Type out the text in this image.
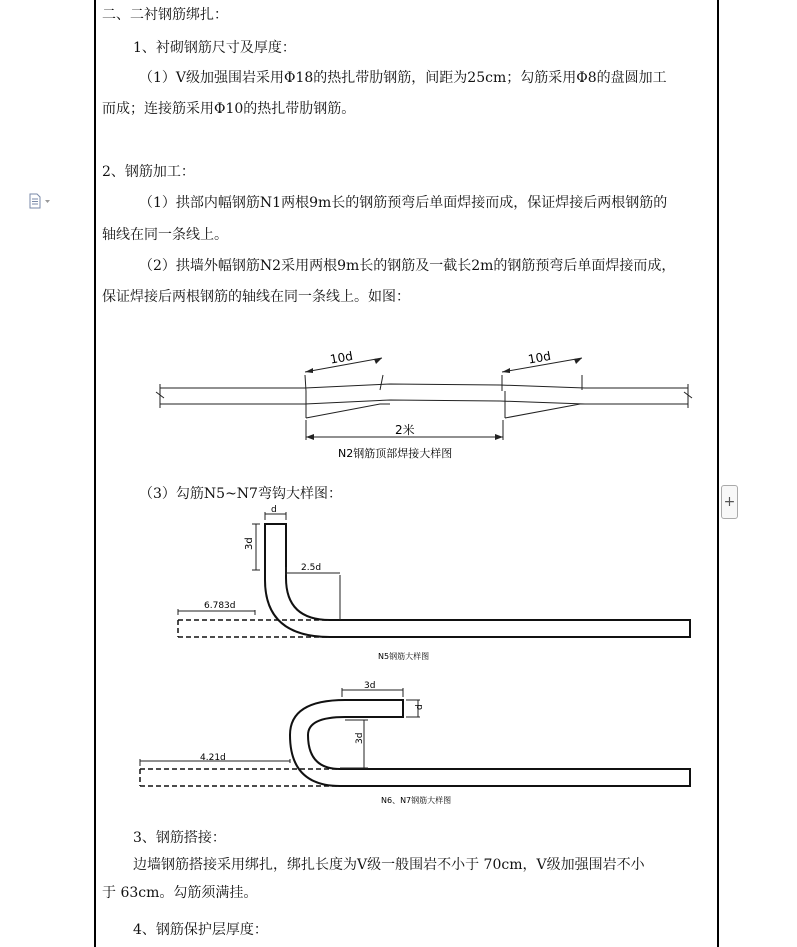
+
二、二衬钢筋绑扎：
1、衬砌钢筋尺寸及厚度：
（1）V级加强围岩采用Φ18的热扎带肋钢筋，间距为25cm；勾筋采用Φ8的盘圆加工
而成；连接筋采用Φ10的热扎带肋钢筋。
2、钢筋加工：
（1）拱部内幅钢筋N1两根9m长的钢筋预弯后单面焊接而成，保证焊接后两根钢筋的
轴线在同一条线上。
（2）拱墙外幅钢筋N2采用两根9m长的钢筋及一截长2m的钢筋预弯后单面焊接而成，
保证焊接后两根钢筋的轴线在同一条线上。如图：
10d	10d
2米
N2钢筋顶部焊接大样图
（3）勾筋N5~N7弯钩大样图：
d
3d
2.5d
6.783d
N5钢筋大样图
3d
d
3d
4.21d
N6、N7钢筋大样图
3、钢筋搭接：
边墙钢筋搭接采用绑扎，绑扎长度为Ⅴ级一般围岩不小于 70cm，Ⅴ级加强围岩不小
于 63cm。勾筋须满挂。
4、钢筋保护层厚度：
